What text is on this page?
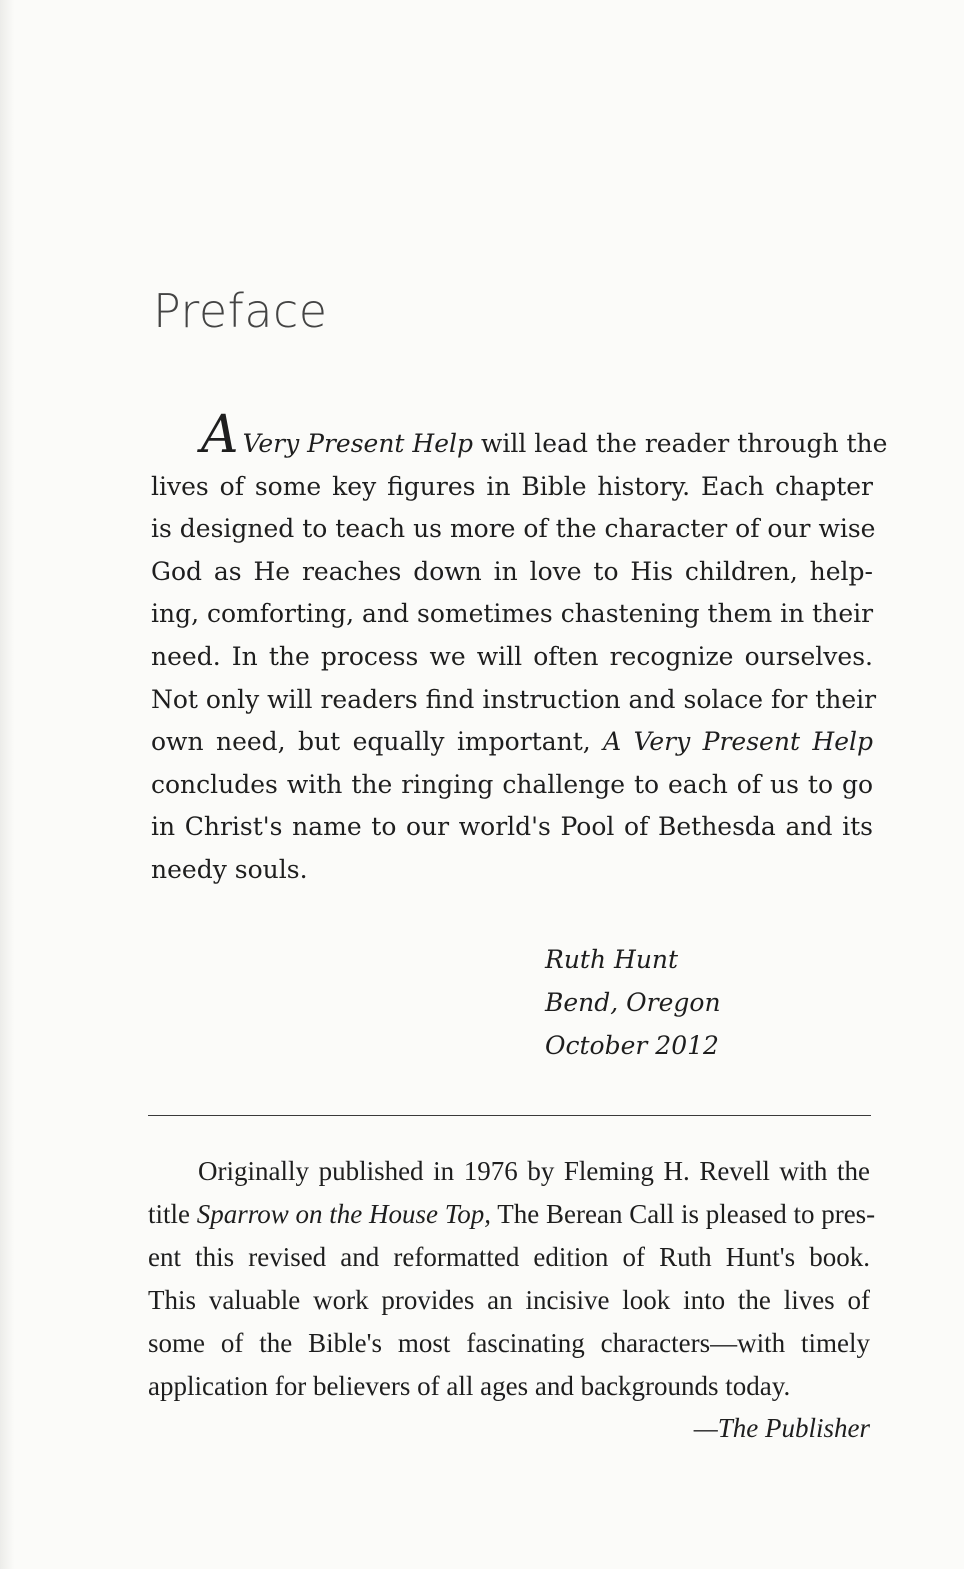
Preface
A Very Present Help will lead the reader through the
lives of some key figures in Bible history. Each chapter
is designed to teach us more of the character of our wise
God as He reaches down in love to His children, help-
ing, comforting, and sometimes chastening them in their
need. In the process we will often recognize ourselves.
Not only will readers find instruction and solace for their
own need, but equally important, A Very Present Help
concludes with the ringing challenge to each of us to go
in Christ's name to our world's Pool of Bethesda and its
needy souls.
Ruth Hunt
Bend, Oregon
October 2012
Originally published in 1976 by Fleming H. Revell with the
title Sparrow on the House Top, The Berean Call is pleased to pres-
ent this revised and reformatted edition of Ruth Hunt's book.
This valuable work provides an incisive look into the lives of
some of the Bible's most fascinating characters—with timely
application for believers of all ages and backgrounds today.
—The Publisher
